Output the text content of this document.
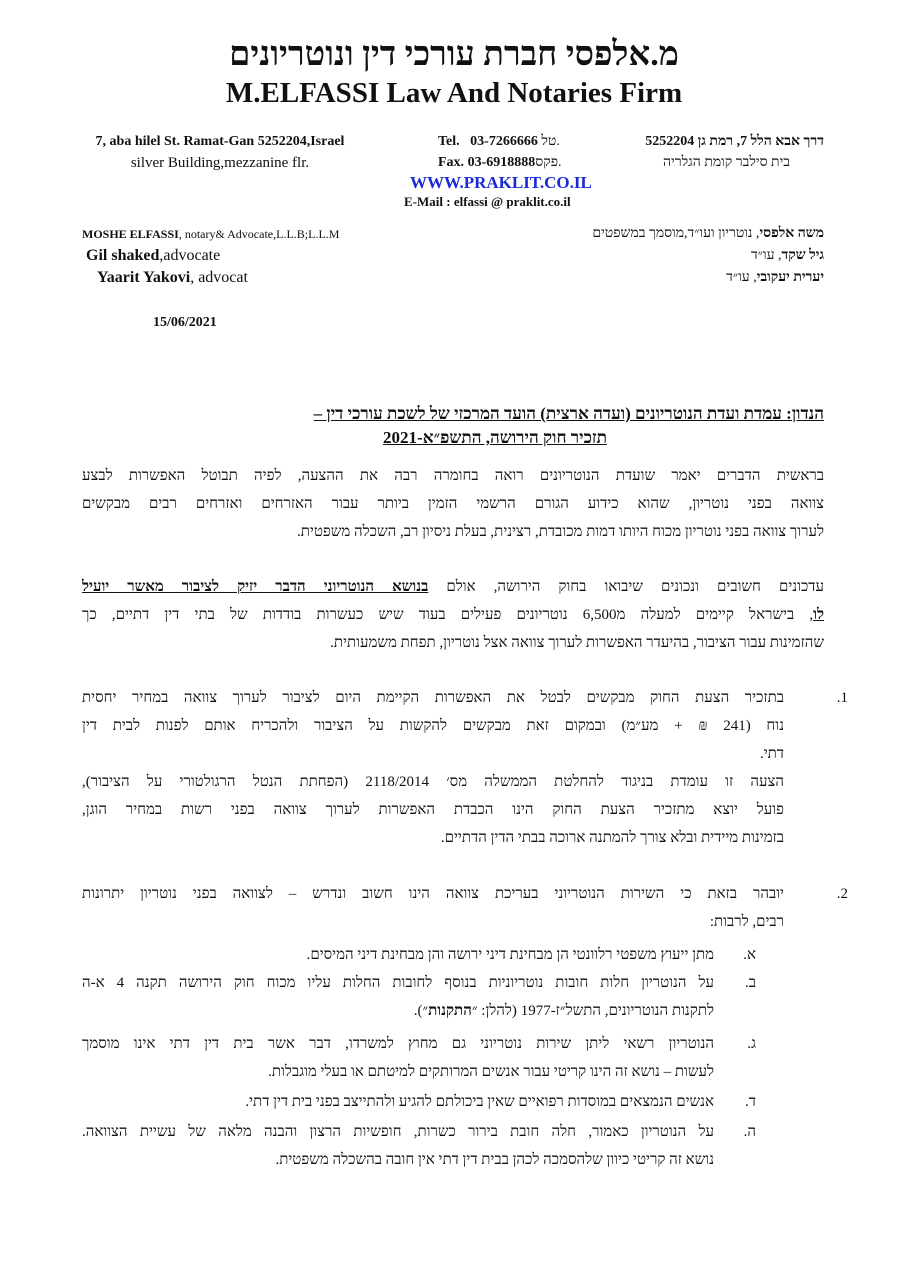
מ.אלפסי חברת עורכי דין ונוטריונים
M.ELFASSI Law And Notaries Firm
7, aba hilel St. Ramat-Gan 5252204,Israel
silver Building,mezzanine flr.
Tel. 03-7266666 טל.
Fax. 03-6918888פקס.
דרך אבא הלל 7, רמת גן 5252204
בית סילבר קומת הגלריה
WWW.PRAKLIT.CO.IL
E-Mail : elfassi @ praklit.co.il
MOSHE ELFASSI, notary& Advocate,L.L.B;L.L.M
Gil shaked,advocate
Yaarit Yakovi, advocat
משה אלפסי, נוטריון ועו״ד,מוסמך במשפטים
גיל שקד, עו״ד
יערית יעקובי, עו״ד
15/06/2021
הנדון: עמדת ועדת הנוטריונים (ועדה ארצית) הועד המרכזי של לשכת עורכי דין –
תזכיר חוק הירושה, התשפ״א-2021
בראשית הדברים יאמר שועדת הנוטריונים רואה בחומרה רבה את ההצעה, לפיה תבוטל האפשרות לבצע
צוואה בפני נוטריון, שהוא כידוע הגורם הרשמי הזמין ביותר עבור האזרחים ואזרחים רבים מבקשים
לערוך צוואה בפני נוטריון מכוח היותו דמות מכובדת, רצינית, בעלת ניסיון רב, השכלה משפטית.
עדכונים חשובים ונכונים שיבואו בחוק הירושה, אולם בנושא הנוטריוני הדבר יזיק לציבור מאשר יועיל
לו, בישראל קיימים למעלה מ6,500 נוטריונים פעילים בעוד שיש כעשרות בודדות של בתי דין דתיים, כך
שהזמינות עבור הציבור, בהיעדר האפשרות לערוך צוואה אצל נוטריון, תפחת משמעותית.
1.
בתזכיר הצעת החוק מבקשים לבטל את האפשרות הקיימת היום לציבור לערוך צוואה במחיר יחסית
נוח (241 ₪ + מע״מ) ובמקום זאת מבקשים להקשות על הציבור ולהכריח אותם לפנות לבית דין
דתי.
הצעה זו עומדת בניגוד להחלטת הממשלה מס׳ 2118/2014 (הפחתת הנטל הרגולטורי על הציבור),
פועל יוצא מתזכיר הצעת החוק הינו הכבדת האפשרות לערוך צוואה בפני רשות במחיר הוגן,
בזמינות מיידית ובלא צורך להמתנה ארוכה בבתי הדין הדתיים.
2.
יובהר בזאת כי השירות הנוטריוני בעריכת צוואה הינו חשוב ונדרש – לצוואה בפני נוטריון יתרונות
רבים, לרבות:
א.
מתן ייעוץ משפטי רלוונטי הן מבחינת דיני ירושה והן מבחינת דיני המיסים.
ב.
על הנוטריון חלות חובות נוטריוניות בנוסף לחובות החלות עליו מכוח חוק הירושה תקנה 4 א-ה
לתקנות הנוטריונים, התשל״ז-1977 (להלן: ״התקנות״).
ג.
הנוטריון רשאי ליתן שירות נוטריוני גם מחוץ למשרדו, דבר אשר בית דין דתי אינו מוסמך
לעשות – נושא זה הינו קריטי עבור אנשים המרותקים למיטתם או בעלי מוגבלות.
ד.
אנשים הנמצאים במוסדות רפואיים שאין ביכולתם להגיע ולהתייצב בפני בית דין דתי.
ה.
על הנוטריון כאמור, חלה חובת בירור כשרות, חופשיות הרצון והבנה מלאה של עשיית הצוואה.
נושא זה קריטי כיוון שלהסמכה לכהן בבית דין דתי אין חובה בהשכלה משפטית.
